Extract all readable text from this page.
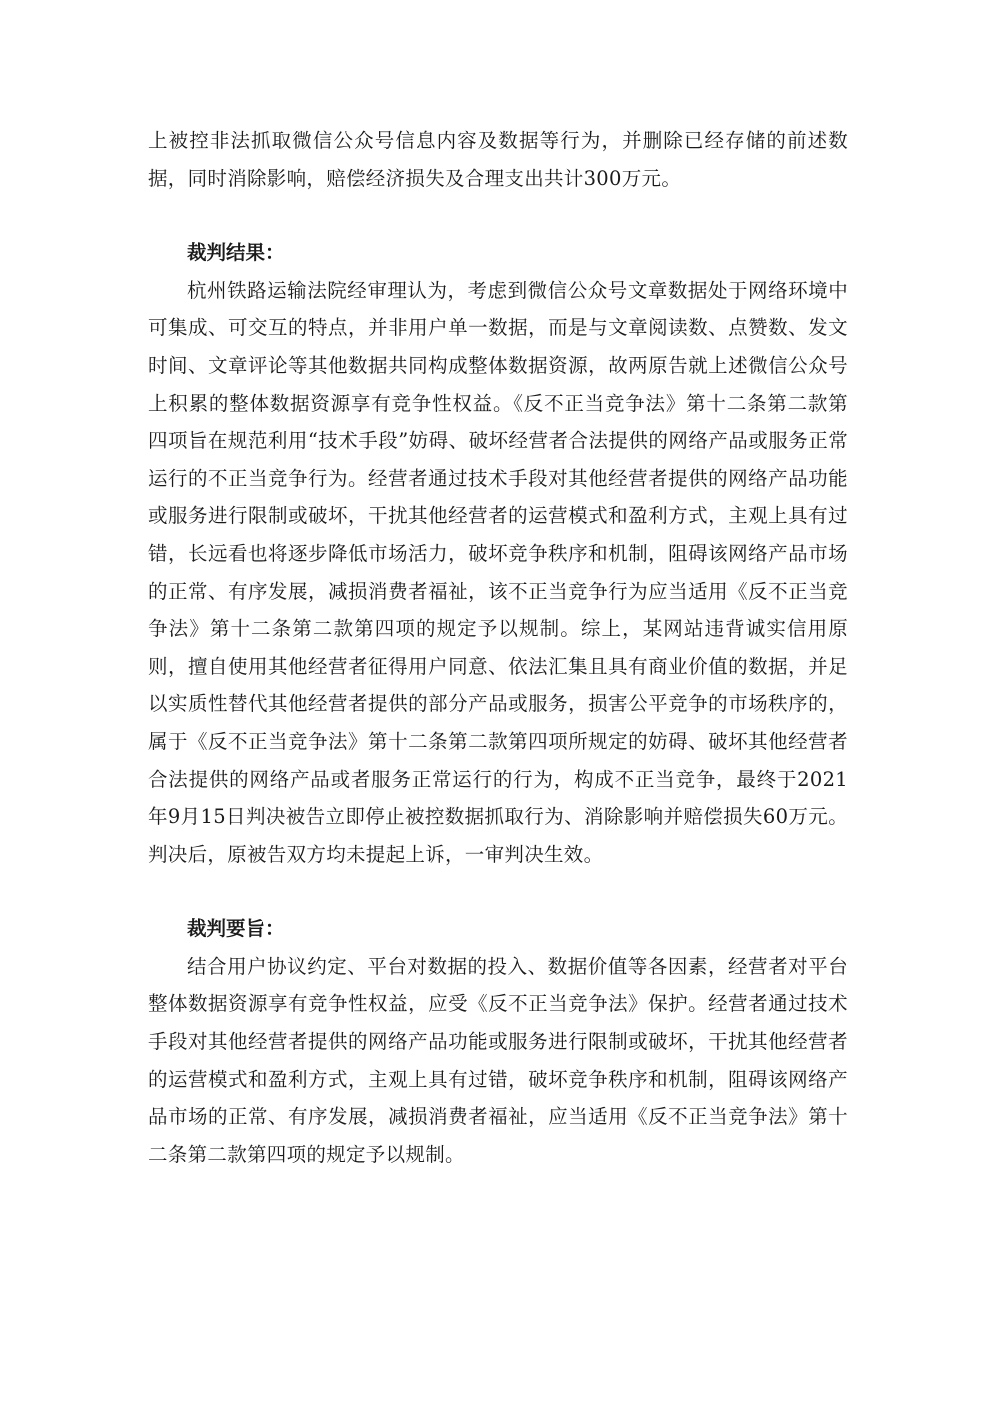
上被控非法抓取微信公众号信息内容及数据等行为，并删除已经存储的前述数据，同时消除影响，赔偿经济损失及合理支出共计300万元。

裁判结果：

杭州铁路运输法院经审理认为，考虑到微信公众号文章数据处于网络环境中可集成、可交互的特点，并非用户单一数据，而是与文章阅读数、点赞数、发文时间、文章评论等其他数据共同构成整体数据资源，故两原告就上述微信公众号上积累的整体数据资源享有竞争性权益。《反不正当竞争法》第十二条第二款第四项旨在规范利用“技术手段”妨碍、破坏经营者合法提供的网络产品或服务正常运行的不正当竞争行为。经营者通过技术手段对其他经营者提供的网络产品功能或服务进行限制或破坏，干扰其他经营者的运营模式和盈利方式，主观上具有过错，长远看也将逐步降低市场活力，破坏竞争秩序和机制，阻碍该网络产品市场的正常、有序发展，减损消费者福祉，该不正当竞争行为应当适用《反不正当竞争法》第十二条第二款第四项的规定予以规制。综上，某网站违背诚实信用原则，擅自使用其他经营者征得用户同意、依法汇集且具有商业价值的数据，并足以实质性替代其他经营者提供的部分产品或服务，损害公平竞争的市场秩序的，属于《反不正当竞争法》第十二条第二款第四项所规定的妨碍、破坏其他经营者合法提供的网络产品或者服务正常运行的行为，构成不正当竞争，最终于2021年9月15日判决被告立即停止被控数据抓取行为、消除影响并赔偿损失60万元。判决后，原被告双方均未提起上诉，一审判决生效。

裁判要旨：

结合用户协议约定、平台对数据的投入、数据价值等各因素，经营者对平台整体数据资源享有竞争性权益，应受《反不正当竞争法》保护。经营者通过技术手段对其他经营者提供的网络产品功能或服务进行限制或破坏，干扰其他经营者的运营模式和盈利方式，主观上具有过错，破坏竞争秩序和机制，阻碍该网络产品市场的正常、有序发展，减损消费者福祉，应当适用《反不正当竞争法》第十二条第二款第四项的规定予以规制。
